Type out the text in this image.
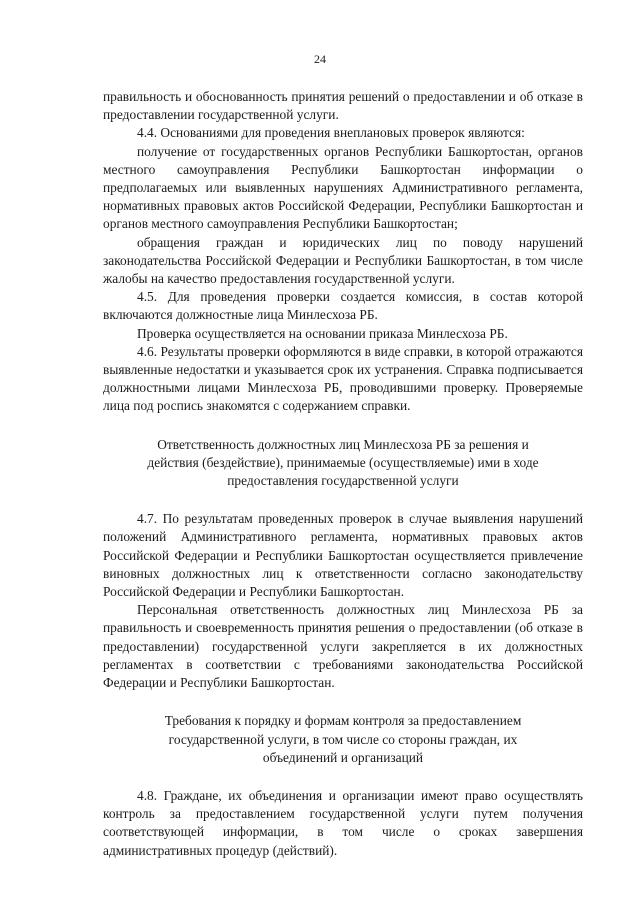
24

правильность и обоснованность принятия решений о предоставлении и об отказе в предоставлении государственной услуги.

4.4. Основаниями для проведения внеплановых проверок являются:

получение от государственных органов Республики Башкортостан, органов местного самоуправления Республики Башкортостан информации о предполагаемых или выявленных нарушениях Административного регламента, нормативных правовых актов Российской Федерации, Республики Башкортостан и органов местного самоуправления Республики Башкортостан;

обращения граждан и юридических лиц по поводу нарушений законодательства Российской Федерации и Республики Башкортостан, в том числе жалобы на качество предоставления государственной услуги.

4.5. Для проведения проверки создается комиссия, в состав которой включаются должностные лица Минлесхоза РБ.

Проверка осуществляется на основании приказа Минлесхоза РБ.

4.6. Результаты проверки оформляются в виде справки, в которой отражаются выявленные недостатки и указывается срок их устранения. Справка подписывается должностными лицами Минлесхоза РБ, проводившими проверку. Проверяемые лица под роспись знакомятся с содержанием справки.

Ответственность должностных лиц Минлесхоза РБ за решения и действия (бездействие), принимаемые (осуществляемые) ими в ходе предоставления государственной услуги

4.7. По результатам проведенных проверок в случае выявления нарушений положений Административного регламента, нормативных правовых актов Российской Федерации и Республики Башкортостан осуществляется привлечение виновных должностных лиц к ответственности согласно законодательству Российской Федерации и Республики Башкортостан.

Персональная ответственность должностных лиц Минлесхоза РБ за правильность и своевременность принятия решения о предоставлении (об отказе в предоставлении) государственной услуги закрепляется в их должностных регламентах в соответствии с требованиями законодательства Российской Федерации и Республики Башкортостан.

Требования к порядку и формам контроля за предоставлением государственной услуги, в том числе со стороны граждан, их объединений и организаций

4.8. Граждане, их объединения и организации имеют право осуществлять контроль за предоставлением государственной услуги путем получения соответствующей информации, в том числе о сроках завершения административных процедур (действий).
